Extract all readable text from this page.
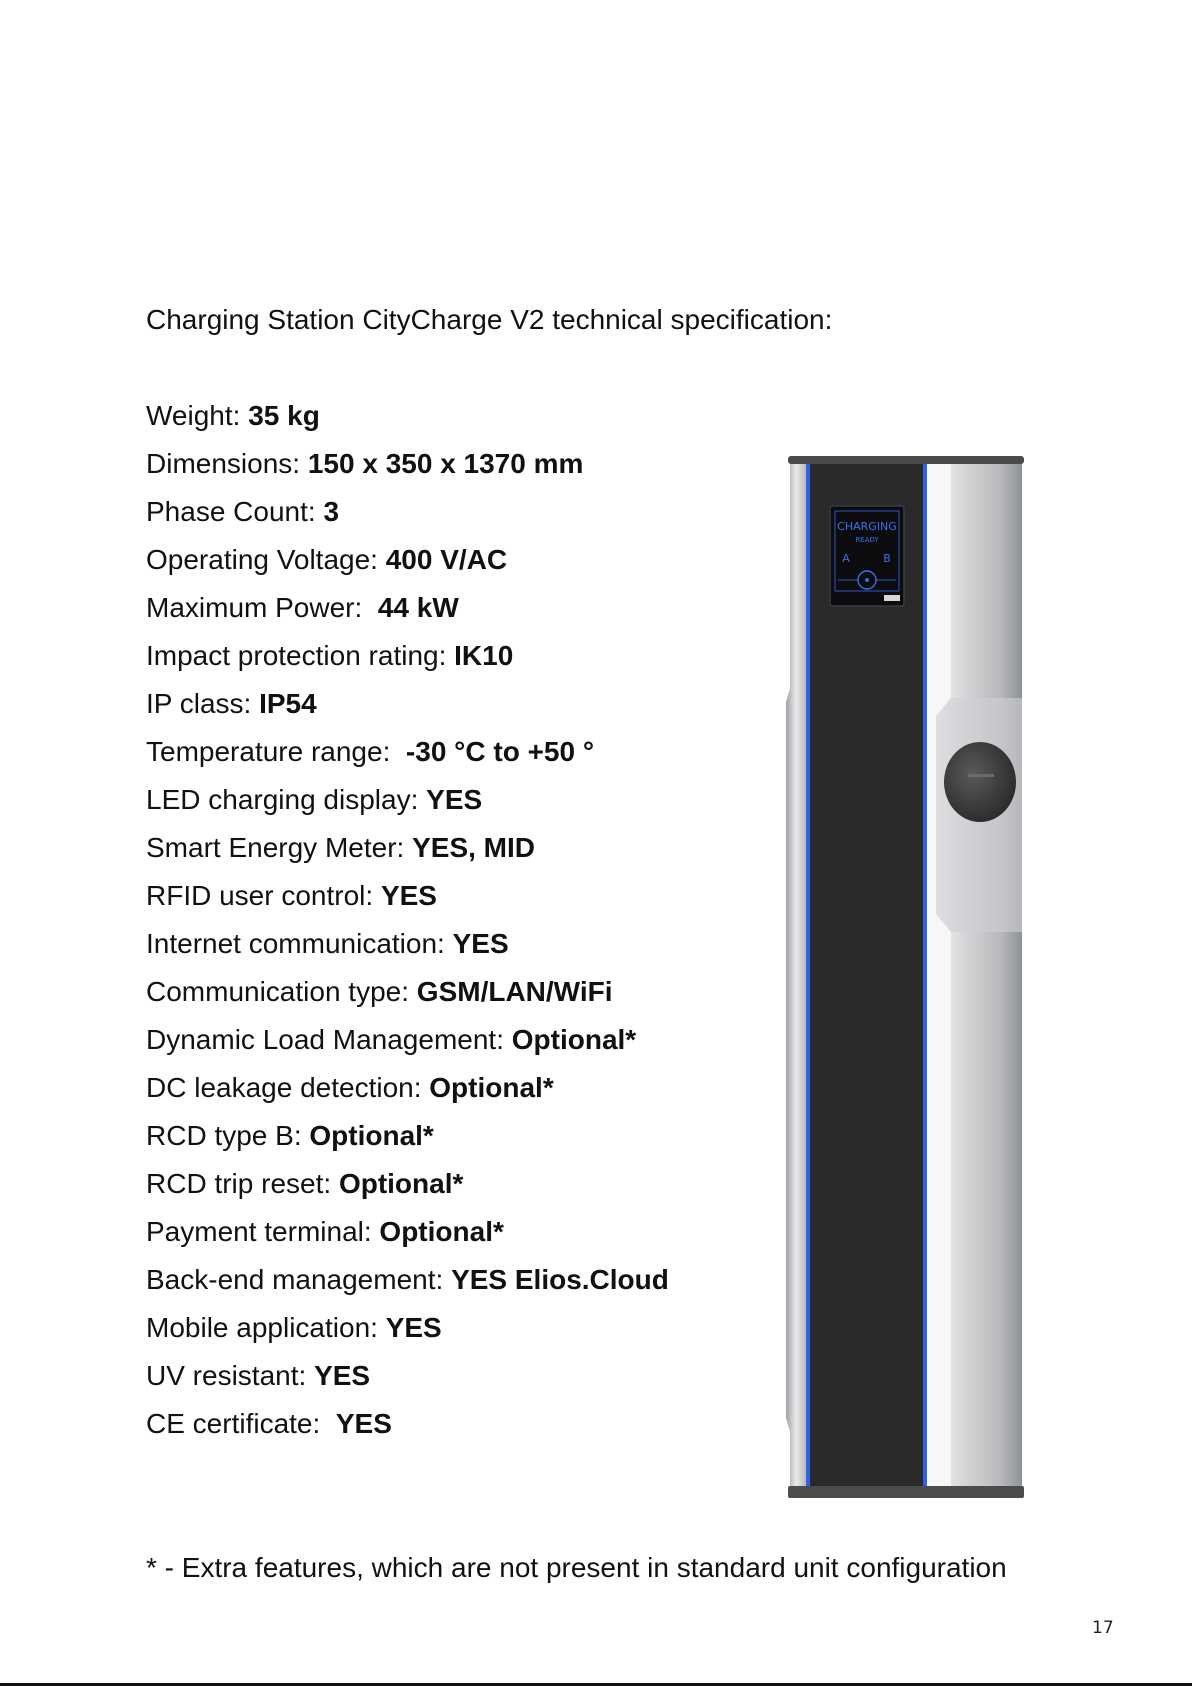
Charging Station CityCharge V2 technical specification:
Weight: 35 kg
Dimensions: 150 x 350 x 1370 mm
Phase Count: 3
Operating Voltage: 400 V/AC
Maximum Power:  44 kW
Impact protection rating: IK10
IP class: IP54
Temperature range:  -30 °C to +50 °
LED charging display: YES
Smart Energy Meter: YES, MID
RFID user control: YES
Internet communication: YES
Communication type: GSM/LAN/WiFi
Dynamic Load Management: Optional*
DC leakage detection: Optional*
RCD type B: Optional*
RCD trip reset: Optional*
Payment terminal: Optional*
Back-end management: YES Elios.Cloud
Mobile application: YES
UV resistant: YES
CE certificate:  YES
CHARGING
READY
A	B
* - Extra features, which are not present in standard unit configuration
17
